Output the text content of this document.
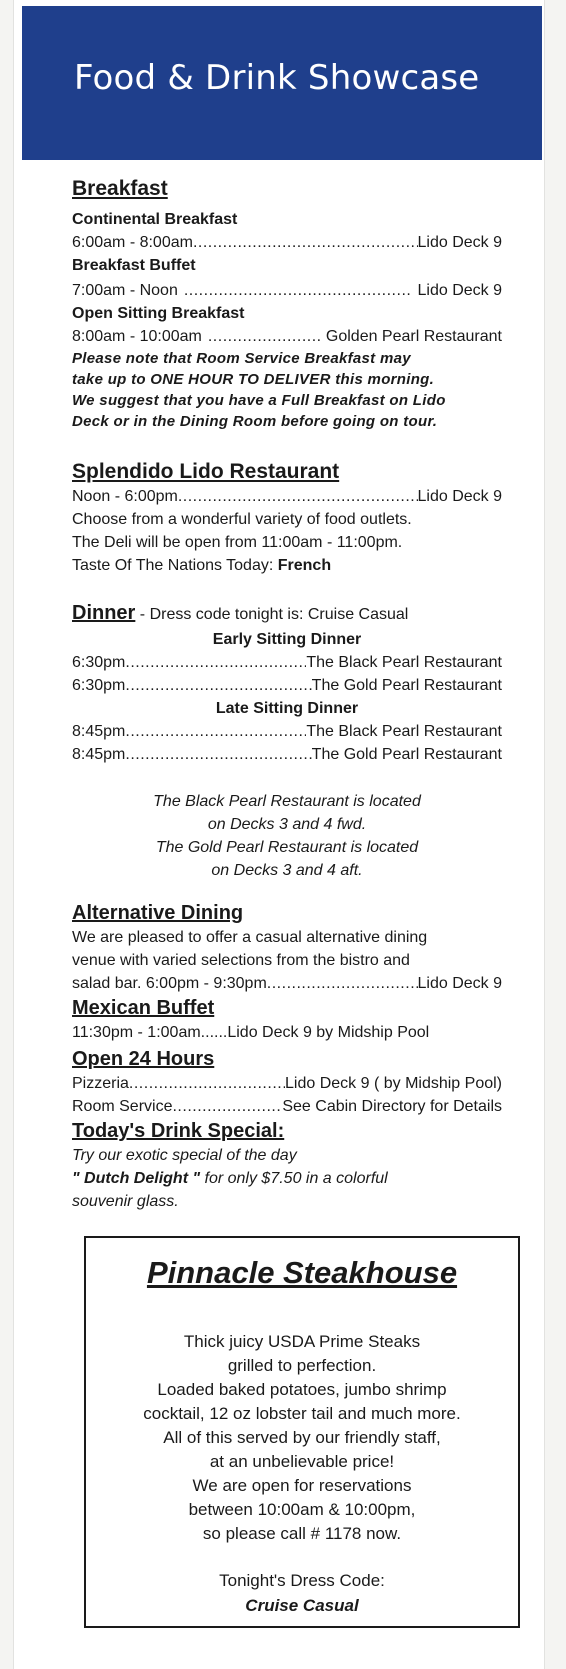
Food & Drink Showcase
Breakfast
Continental Breakfast
6:00am - 8:00am .....	Lido Deck 9
Breakfast Buffet
7:00am - Noon .....	Lido Deck 9
Open Sitting Breakfast
8:00am - 10:00am .....	Golden Pearl Restaurant
Please note that Room Service Breakfast may
take up to ONE HOUR TO DELIVER this morning.
We suggest that you have a Full Breakfast on Lido
Deck or in the Dining Room before going on tour.
Splendido Lido Restaurant
Noon - 6:00pm .....	Lido Deck 9
Choose from a wonderful variety of food outlets.
The Deli will be open from 11:00am - 11:00pm.
Taste Of The Nations Today: French
Dinner - Dress code tonight is: Cruise Casual
Early Sitting Dinner
6:30pm .....	The Black Pearl Restaurant
6:30pm .....	The Gold Pearl Restaurant
Late Sitting Dinner
8:45pm .....	The Black Pearl Restaurant
8:45pm .....	The Gold Pearl Restaurant
The Black Pearl Restaurant is located
on Decks 3 and 4 fwd.
The Gold Pearl Restaurant is located
on Decks 3 and 4 aft.
Alternative Dining
We are pleased to offer a casual alternative dining
venue with varied selections from the bistro and
salad bar. 6:00pm - 9:30pm .....	Lido Deck 9
Mexican Buffet
11:30pm - 1:00am......Lido Deck 9 by Midship Pool
Open 24 Hours
Pizzeria .....	Lido Deck 9 ( by Midship Pool)
Room Service .....	See Cabin Directory for Details
Today's Drink Special:
Try our exotic special of the day
" Dutch Delight " for only $7.50 in a colorful
souvenir glass.
Pinnacle Steakhouse
Thick juicy USDA Prime Steaks
grilled to perfection.
Loaded baked potatoes, jumbo shrimp
cocktail, 12 oz lobster tail and much more.
All of this served by our friendly staff,
at an unbelievable price!
We are open for reservations
between 10:00am & 10:00pm,
so please call # 1178 now.
Tonight's Dress Code:
Cruise Casual
